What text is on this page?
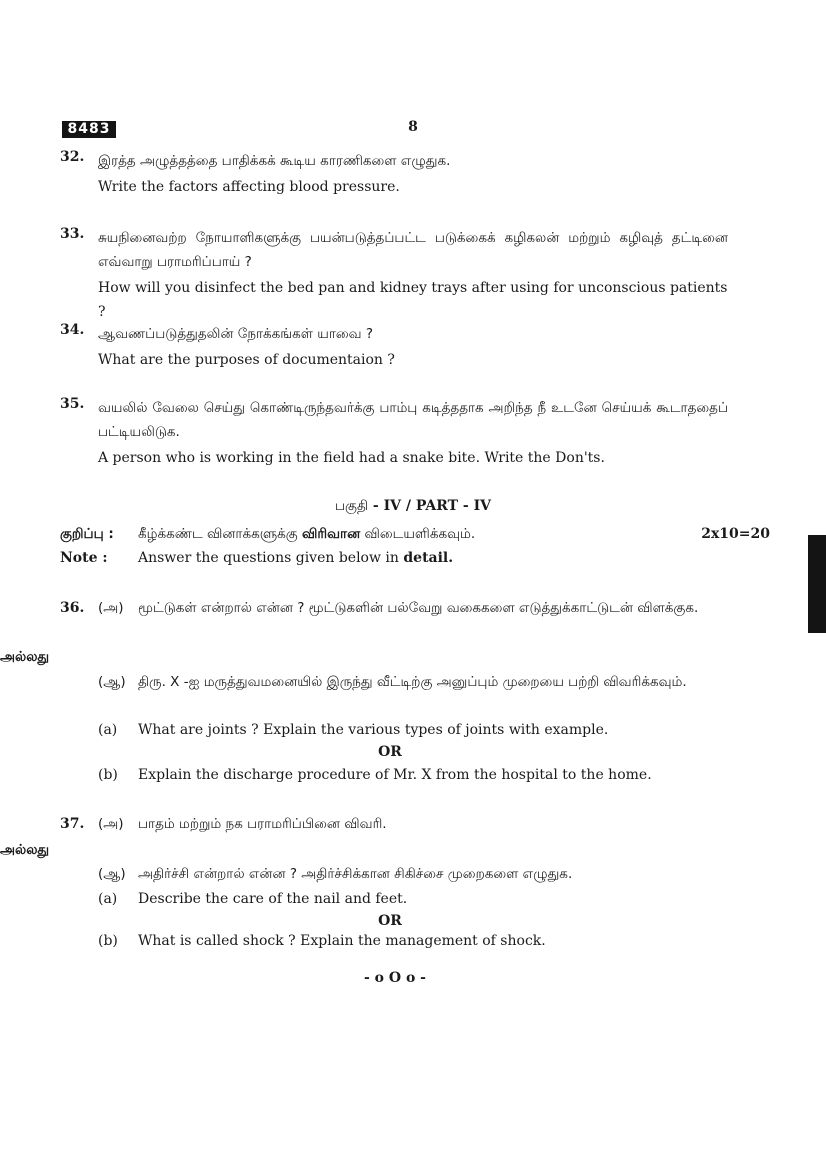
8483	8
32. இரத்த அழுத்தத்தை பாதிக்கக் கூடிய காரணிகளை எழுதுக.
Write the factors affecting blood pressure.
33. சுயநினைவற்ற நோயாளிகளுக்கு பயன்படுத்தப்பட்ட படுக்கைக் கழிகலன் மற்றும் கழிவுத் தட்டினை எவ்வாறு பராமரிப்பாய் ?
How will you disinfect the bed pan and kidney trays after using for unconscious patients ?
34. ஆவணப்படுத்துதலின் நோக்கங்கள் யாவை ?
What are the purposes of documentaion ?
35. வயலில் வேலை செய்து கொண்டிருந்தவர்க்கு பாம்பு கடித்ததாக அறிந்த நீ உடனே செய்யக் கூடாததைப் பட்டியலிடுக.
A person who is working in the field had a snake bite. Write the Don'ts.
பகுதி - IV / PART - IV
குறிப்பு : கீழ்க்கண்ட வினாக்களுக்கு விரிவான விடையளிக்கவும்.	2x10=20
Note : Answer the questions given below in detail.
36. (அ) மூட்டுகள் என்றால் என்ன ? மூட்டுகளின் பல்வேறு வகைகளை எடுத்துக்காட்டுடன் விளக்குக.
அல்லது
(ஆ) திரு. X -ஐ மருத்துவமனையில் இருந்து வீட்டிற்கு அனுப்பும் முறையை பற்றி விவரிக்கவும்.
(a) What are joints ? Explain the various types of joints with example.
OR
(b) Explain the discharge procedure of Mr. X from the hospital to the home.
37. (அ) பாதம் மற்றும் நக பராமரிப்பினை விவரி.
அல்லது
(ஆ) அதிர்ச்சி என்றால் என்ன ? அதிர்ச்சிக்கான சிகிச்சை முறைகளை எழுதுக.
(a) Describe the care of the nail and feet.
OR
(b) What is called shock ? Explain the management of shock.
- o O o -
